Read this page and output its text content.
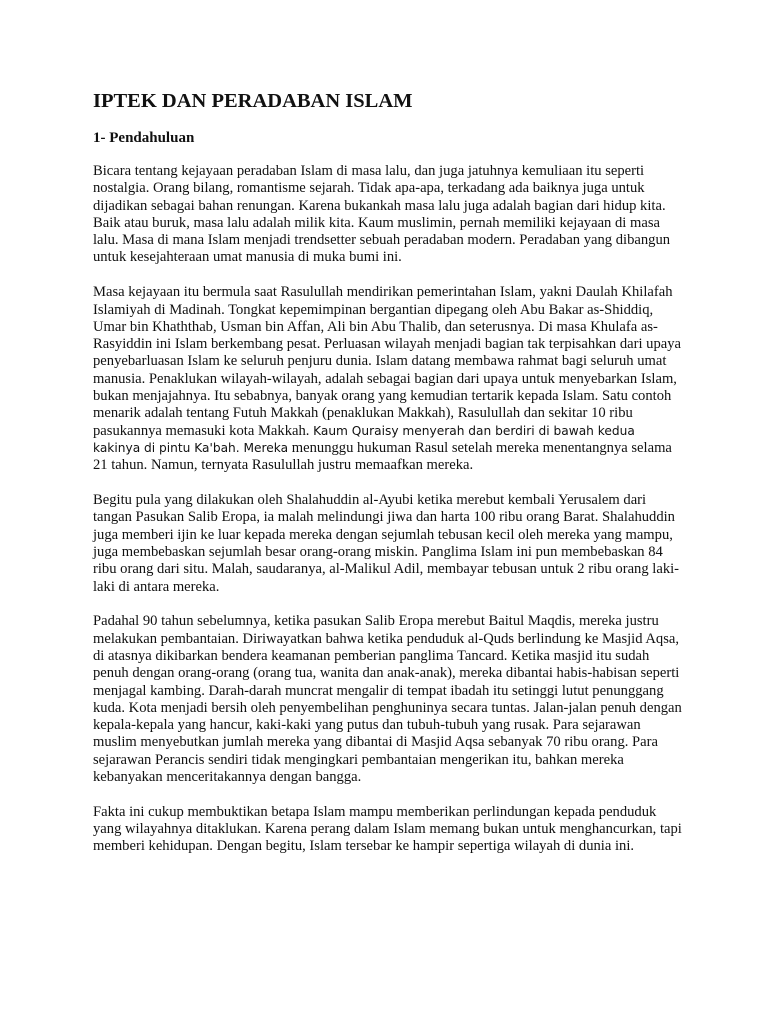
IPTEK DAN PERADABAN ISLAM
1- Pendahuluan

Bicara tentang kejayaan peradaban Islam di masa lalu, dan juga jatuhnya kemuliaan itu seperti nostalgia. Orang bilang, romantisme sejarah. Tidak apa-apa, terkadang ada baiknya juga untuk dijadikan sebagai bahan renungan. Karena bukankah masa lalu juga adalah bagian dari hidup kita. Baik atau buruk, masa lalu adalah milik kita. Kaum muslimin, pernah memiliki kejayaan di masa lalu. Masa di mana Islam menjadi trendsetter sebuah peradaban modern. Peradaban yang dibangun untuk kesejahteraan umat manusia di muka bumi ini.

Masa kejayaan itu bermula saat Rasulullah mendirikan pemerintahan Islam, yakni Daulah Khilafah Islamiyah di Madinah. Tongkat kepemimpinan bergantian dipegang oleh Abu Bakar as-Shiddiq, Umar bin Khaththab, Usman bin Affan, Ali bin Abu Thalib, dan seterusnya. Di masa Khulafa as-Rasyiddin ini Islam berkembang pesat. Perluasan wilayah menjadi bagian tak terpisahkan dari upaya penyebarluasan Islam ke seluruh penjuru dunia. Islam datang membawa rahmat bagi seluruh umat manusia. Penaklukan wilayah-wilayah, adalah sebagai bagian dari upaya untuk menyebarkan Islam, bukan menjajahnya. Itu sebabnya, banyak orang yang kemudian tertarik kepada Islam. Satu contoh menarik adalah tentang Futuh Makkah (penaklukan Makkah), Rasulullah dan sekitar 10 ribu pasukannya memasuki kota Makkah. Kaum Quraisy menyerah dan berdiri di bawah kedua kakinya di pintu Ka'bah. Mereka menunggu hukuman Rasul setelah mereka menentangnya selama 21 tahun. Namun, ternyata Rasulullah justru memaafkan mereka.

Begitu pula yang dilakukan oleh Shalahuddin al-Ayubi ketika merebut kembali Yerusalem dari tangan Pasukan Salib Eropa, ia malah melindungi jiwa dan harta 100 ribu orang Barat. Shalahuddin juga memberi ijin ke luar kepada mereka dengan sejumlah tebusan kecil oleh mereka yang mampu, juga membebaskan sejumlah besar orang-orang miskin. Panglima Islam ini pun membebaskan 84 ribu orang dari situ. Malah, saudaranya, al-Malikul Adil, membayar tebusan untuk 2 ribu orang laki-laki di antara mereka.

Padahal 90 tahun sebelumnya, ketika pasukan Salib Eropa merebut Baitul Maqdis, mereka justru melakukan pembantaian. Diriwayatkan bahwa ketika penduduk al-Quds berlindung ke Masjid Aqsa, di atasnya dikibarkan bendera keamanan pemberian panglima Tancard. Ketika masjid itu sudah penuh dengan orang-orang (orang tua, wanita dan anak-anak), mereka dibantai habis-habisan seperti menjagal kambing. Darah-darah muncrat mengalir di tempat ibadah itu setinggi lutut penunggang kuda. Kota menjadi bersih oleh penyembelihan penghuninya secara tuntas. Jalan-jalan penuh dengan kepala-kepala yang hancur, kaki-kaki yang putus dan tubuh-tubuh yang rusak. Para sejarawan muslim menyebutkan jumlah mereka yang dibantai di Masjid Aqsa sebanyak 70 ribu orang. Para sejarawan Perancis sendiri tidak mengingkari pembantaian mengerikan itu, bahkan mereka kebanyakan menceritakannya dengan bangga.

Fakta ini cukup membuktikan betapa Islam mampu memberikan perlindungan kepada penduduk yang wilayahnya ditaklukan. Karena perang dalam Islam memang bukan untuk menghancurkan, tapi memberi kehidupan. Dengan begitu, Islam tersebar ke hampir sepertiga wilayah di dunia ini.
